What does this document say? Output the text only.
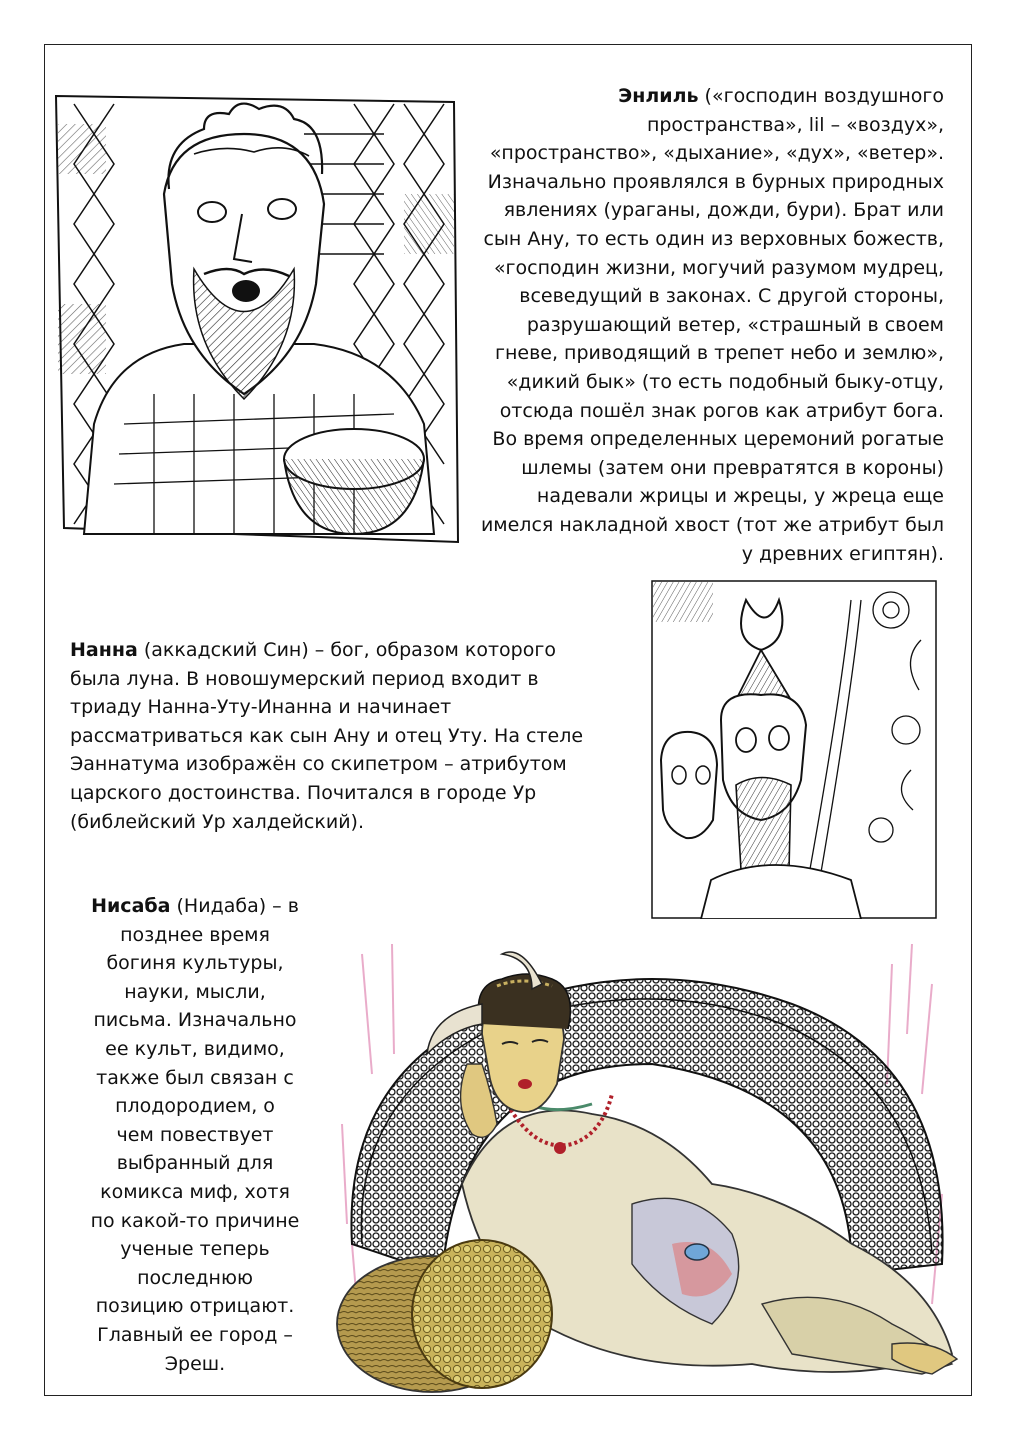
Энлиль («господин воздушного
пространства», lil – «воздух»,
«пространство», «дыхание», «дух», «ветер».
Изначально проявлялся в бурных природных
явлениях (ураганы, дожди, бури). Брат или
сын Ану, то есть один из верховных божеств,
«господин жизни, могучий разумом мудрец,
всеведущий в законах. С другой стороны,
разрушающий ветер, «страшный в своем
гневе, приводящий в трепет небо и землю»,
«дикий бык» (то есть подобный быку-отцу,
отсюда пошёл знак рогов как атрибут бога.
Во время определенных церемоний рогатые
шлемы (затем они превратятся в короны)
надевали жрицы и жрецы, у жреца еще
имелся накладной хвост (тот же атрибут был
у древних египтян).
Нанна (аккадский Син) – бог, образом которого
была луна. В новошумерский период входит в
триаду Нанна-Уту-Инанна и начинает
рассматриваться как сын Ану и отец Уту. На стеле
Эаннатума изображён со скипетром – атрибутом
царского достоинства. Почитался в городе Ур
(библейский Ур халдейский).
Нисаба (Нидаба) – в
позднее время
богиня культуры,
науки, мысли,
письма. Изначально
ее культ, видимо,
также был связан с
плодородием, о
чем повествует
выбранный для
комикса миф, хотя
по какой-то причине
ученые теперь
последнюю
позицию отрицают.
Главный ее город –
Эреш.
